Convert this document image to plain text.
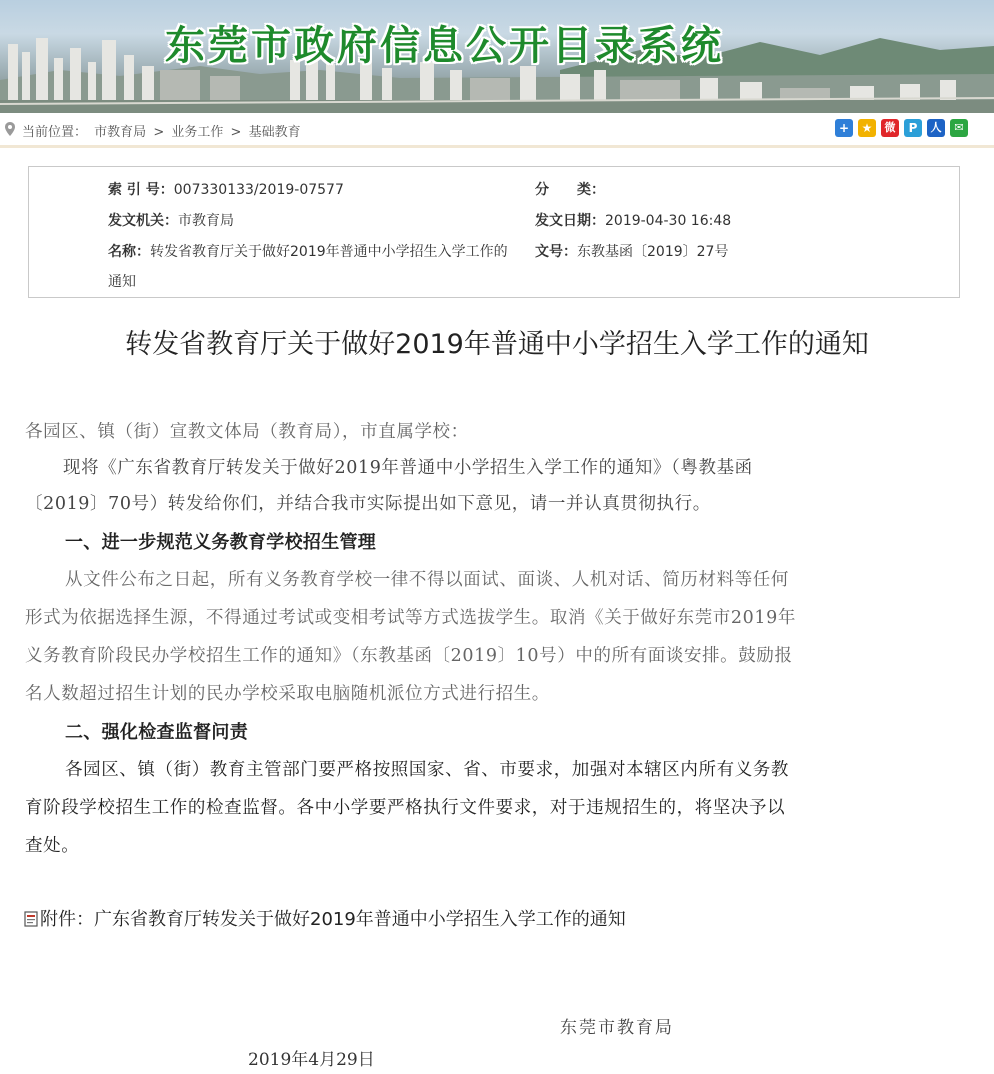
东莞市政府信息公开目录系统
当前位置： 市教育局 > 业务工作 > 基础教育	+	★	微	P	人	✉
索 引 号：007330133/2019-07577	分　　类：
发文机关：市教育局	发文日期：2019-04-30 16:48
名称：转发省教育厅关于做好2019年普通中小学招生入学工作的 文号：东教基函〔2019〕27号
通知
转发省教育厅关于做好2019年普通中小学招生入学工作的通知
各园区、镇（街）宣教文体局（教育局），市直属学校：
现将《广东省教育厅转发关于做好2019年普通中小学招生入学工作的通知》（粤教基函
〔2019〕70号）转发给你们，并结合我市实际提出如下意见，请一并认真贯彻执行。
一、进一步规范义务教育学校招生管理
从文件公布之日起，所有义务教育学校一律不得以面试、面谈、人机对话、简历材料等任何
形式为依据选择生源，不得通过考试或变相考试等方式选拔学生。取消《关于做好东莞市2019年
义务教育阶段民办学校招生工作的通知》（东教基函〔2019〕10号）中的所有面谈安排。鼓励报
名人数超过招生计划的民办学校采取电脑随机派位方式进行招生。
二、强化检查监督问责
各园区、镇（街）教育主管部门要严格按照国家、省、市要求，加强对本辖区内所有义务教
育阶段学校招生工作的检查监督。各中小学要严格执行文件要求，对于违规招生的，将坚决予以
查处。
附件：广东省教育厅转发关于做好2019年普通中小学招生入学工作的通知
东莞市教育局
2019年4月29日
